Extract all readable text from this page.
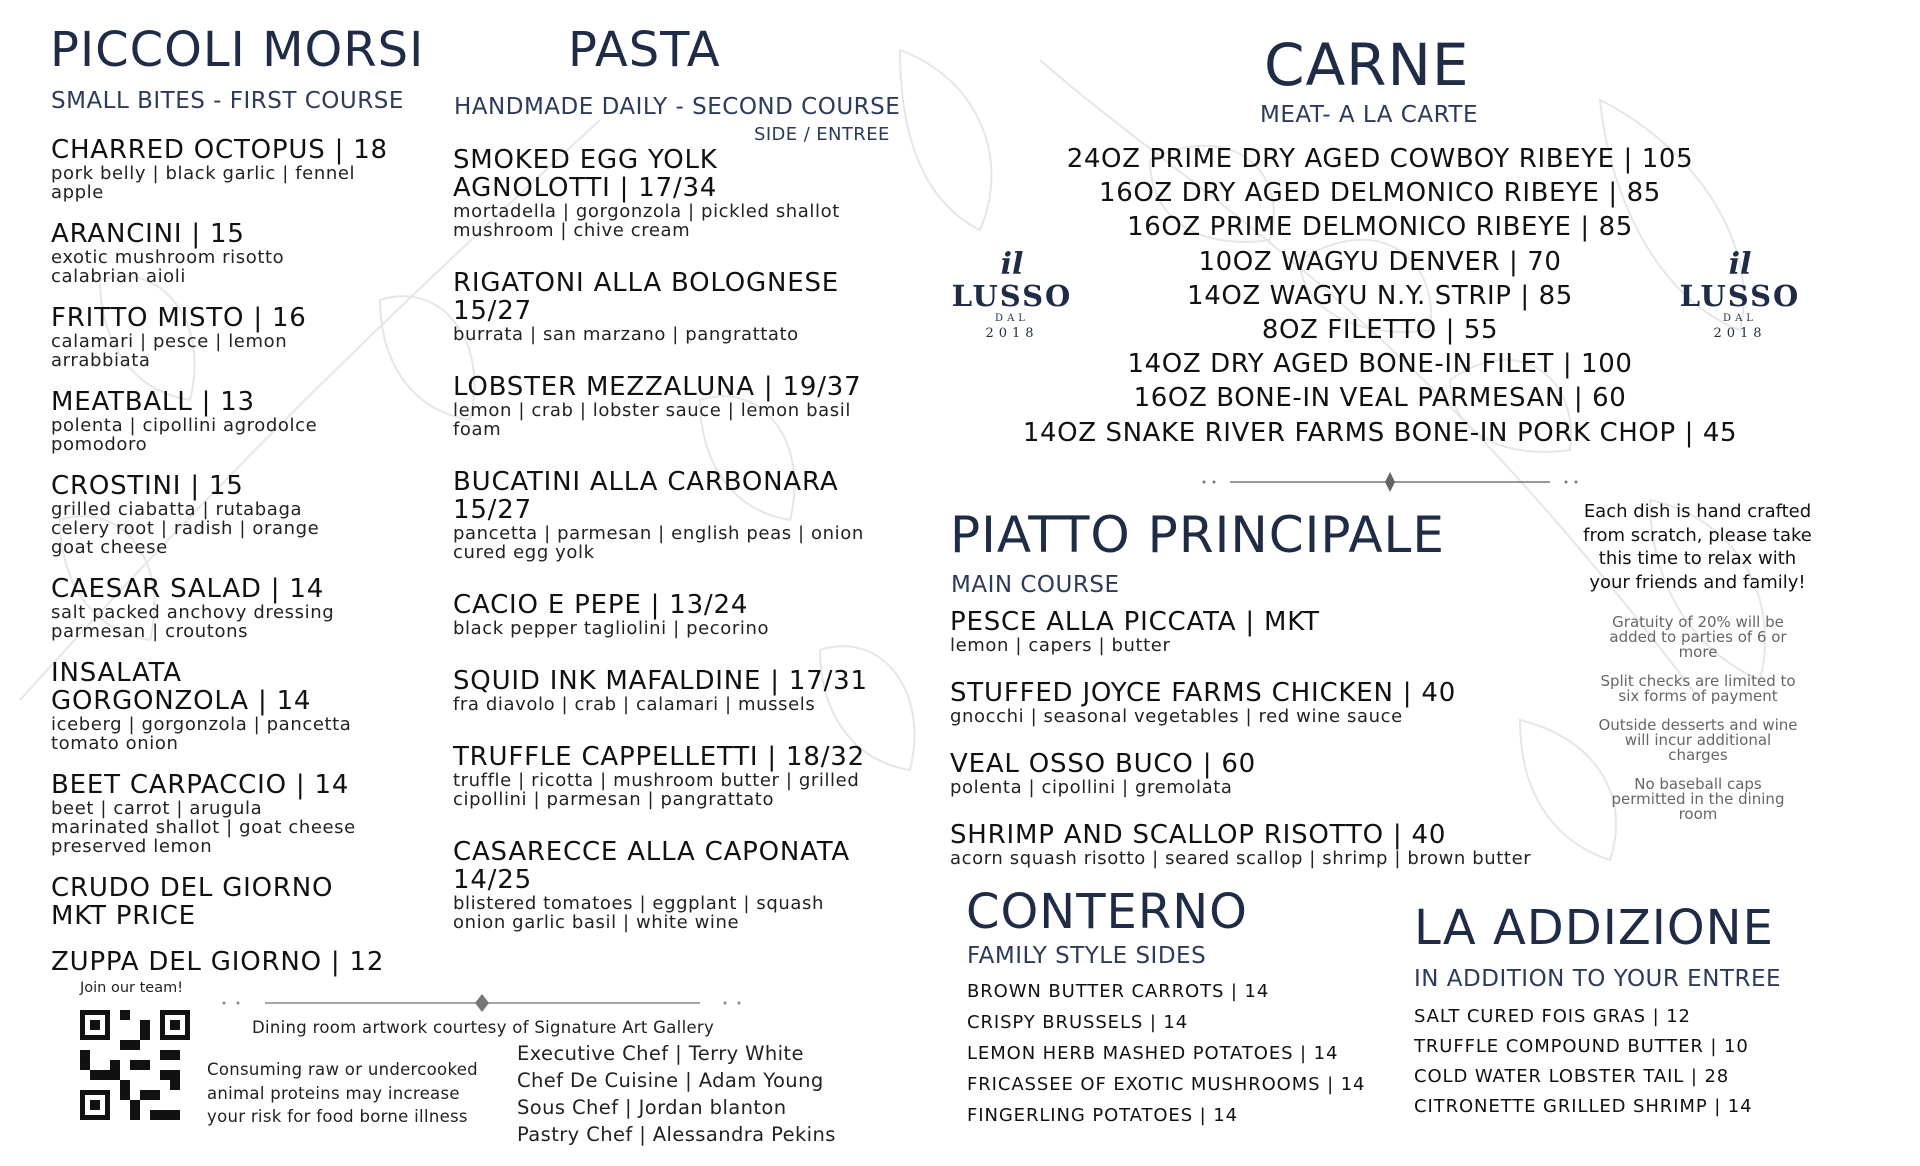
PICCOLI MORSI
SMALL BITES - FIRST COURSE
CHARRED OCTOPUS | 18
pork belly | black garlic | fennel
apple
ARANCINI | 15
exotic mushroom risotto
calabrian aioli
FRITTO MISTO | 16
calamari | pesce | lemon
arrabbiata
MEATBALL | 13
polenta | cipollini agrodolce
pomodoro
CROSTINI | 15
grilled ciabatta | rutabaga
celery root | radish | orange
goat cheese
CAESAR SALAD | 14
salt packed anchovy dressing
parmesan | croutons
INSALATA
GORGONZOLA | 14
iceberg | gorgonzola | pancetta
tomato onion
BEET CARPACCIO | 14
beet | carrot | arugula
marinated shallot | goat cheese
preserved lemon
CRUDO DEL GIORNO
MKT PRICE
ZUPPA DEL GIORNO | 12
PASTA
HANDMADE DAILY - SECOND COURSE
SIDE / ENTREE
SMOKED EGG YOLK
AGNOLOTTI | 17/34
mortadella | gorgonzola | pickled shallot
mushroom | chive cream
RIGATONI ALLA BOLOGNESE
15/27
burrata | san marzano | pangrattato
LOBSTER MEZZALUNA | 19/37
lemon | crab | lobster sauce | lemon basil
foam
BUCATINI ALLA CARBONARA
15/27
pancetta | parmesan | english peas | onion
cured egg yolk
CACIO E PEPE | 13/24
black pepper tagliolini | pecorino
SQUID INK MAFALDINE | 17/31
fra diavolo | crab | calamari | mussels
TRUFFLE CAPPELLETTI | 18/32
truffle | ricotta | mushroom butter | grilled
cipollini | parmesan | pangrattato
CASARECCE ALLA CAPONATA
14/25
blistered tomatoes | eggplant | squash
onion garlic basil | white wine
CARNE
MEAT- A LA CARTE
24OZ PRIME DRY AGED COWBOY RIBEYE | 105
16OZ DRY AGED DELMONICO RIBEYE | 85
16OZ PRIME DELMONICO RIBEYE | 85
10OZ WAGYU DENVER | 70
14OZ WAGYU N.Y. STRIP | 85
8OZ FILETTO | 55
14OZ DRY AGED BONE-IN FILET | 100
16OZ BONE-IN VEAL PARMESAN | 60
14OZ SNAKE RIVER FARMS BONE-IN PORK CHOP | 45
il
LUSSO
DAL
2018
il
LUSSO
DAL
2018
PIATTO PRINCIPALE
MAIN COURSE
PESCE ALLA PICCATA | MKT
lemon | capers | butter
STUFFED JOYCE FARMS CHICKEN | 40
gnocchi | seasonal vegetables | red wine sauce
VEAL OSSO BUCO | 60
polenta | cipollini | gremolata
SHRIMP AND SCALLOP RISOTTO | 40
acorn squash risotto | seared scallop | shrimp | brown butter
Each dish is hand crafted
from scratch, please take
this time to relax with
your friends and family!
Gratuity of 20% will be
added to parties of 6 or
more
Split checks are limited to
six forms of payment
Outside desserts and wine
will incur additional
charges
No baseball caps
permitted in the dining
room
CONTERNO
FAMILY STYLE SIDES
BROWN BUTTER CARROTS | 14
CRISPY BRUSSELS | 14
LEMON HERB MASHED POTATOES | 14
FRICASSEE OF EXOTIC MUSHROOMS | 14
FINGERLING POTATOES | 14
LA ADDIZIONE
IN ADDITION TO YOUR ENTREE
SALT CURED FOIS GRAS | 12
TRUFFLE COMPOUND BUTTER | 10
COLD WATER LOBSTER TAIL | 28
CITRONETTE GRILLED SHRIMP | 14
Join our team!
Dining room artwork courtesy of Signature Art Gallery
Consuming raw or undercooked
animal proteins may increase
your risk for food borne illness
Executive Chef | Terry White
Chef De Cuisine | Adam Young
Sous Chef | Jordan blanton
Pastry Chef | Alessandra Pekins
